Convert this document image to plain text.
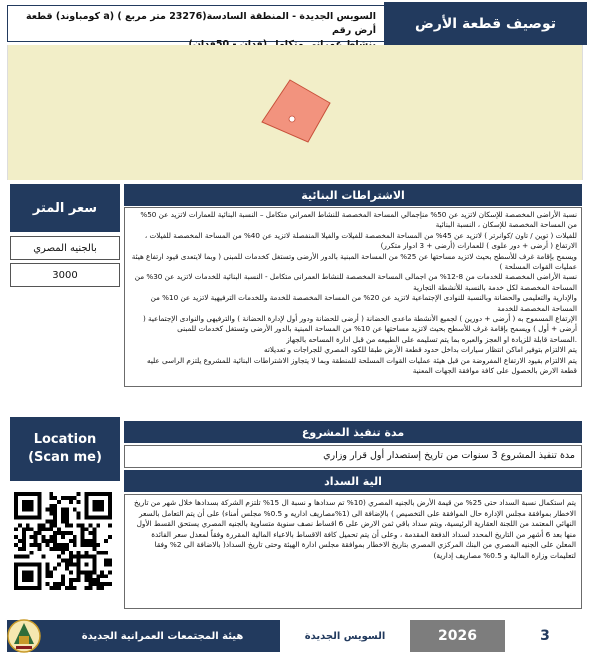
السويس الجديدة - المنطقة السادسة(23276 متر مربع ) (a كومباوند) قطعة أرض رقم	توصيف قطعة الأرض
الاشتراطات البنائية

نسبة الأراضى المخصصة للإسكان لاتزيد عن 50% منإجمالي المساحة المخصصة للنشاط العمراني متكامل – النسبة البنائية للعمارات لاتزيد عن 50% من المساحة المخصصة للإسكان ، النسبة البنائية

للفيلات ( توين / تاون /كوانرتر ) لاتزيد عن 45% من المساحة المخصصة للفيلات والفيلا المنفصلة لاتزيد عن 40% من المساحة المخصصة للفيلات ، الارتفاع ( أرضى + دور علوى ) للعمارات (أرضى + 3 ادوار متكرر)

ويسمح بإقامة غرف للأسطح بحيث لاتزيد مساحتها عن 25% من المساحة المبنية بالدور الأرضى وتستغل كخدمات للمبنى ( وبما لايتعدى قيود ارتفاع هيئة عمليات القوات المسلحة )

نسبة الأراضى المخصصة للخدمات من 8-12% من اجمالى المساحة المخصصة للنشاط العمرانى متكامل - النسبة البنائية للخدمات لاتزيد عن 30% من المساحة المخصصة لكل خدمة بالنسبة للأنشطة التجارية

والإدارية والتعليمى والحضانة وبالنسبة للنوادى الإجتماعية لاتزيد عن 20% من المساحة المخصصة للخدمة وللخدمات الترفيهية لاتزيد عن 10% من المساحة المخصصة للخدمة

الإرتفاع المسموح به ( أرضى + دورين ) لجميع الأنشطة ماعدى الحضانة ( أرضى للحضانة ودور أول لإدارة الحضانة ) والترفيهى والنوادى الإجتماعية ( أرضى + أول ) ويسمح بإقامة غرف للأسطح بحيث لاتزيد مساحتها عن 10% من المساحة المبنية بالدور الأرضى وتستغل كخدمات للمبنى

.المساحة قابلة للزيادة او العجز والعبره بما يتم تسليمه على الطبيعه من قبل ادارة المساحه بالجهاز

يتم الالتزام بتوفير اماكن انتظار سيارات بداخل حدود قطعة الأرض طبقا للكود المصري للجراجات و تعديلاته

يتم الالتزام بقيود الارتفاع المفروضة من قبل هيئة عمليات القوات المسلحة للمنطقة وبما لا يتجاوز الاشتراطات البنائية للمشروع يلتزم الراسى عليه قطعة الارض بالحصول على كافة موافقة الجهات المعنية

سعر المتر
بالجنيه المصري
3000
Location
(Scan me)
مدة تنفيذ المشروع
مدة تنفيذ المشروع 3 سنوات من تاريخ إستصدار أول قرار وزاري
الية السداد
يتم استكمال نسبة السداد حتى 25% من قيمة الأرض بالجنيه المصري (10% تم سدادها و نسبة ال 15% تلتزم الشركة بسدادها خلال شهر من تاريخ الاخطار بموافقة مجلس الإدارة حال الموافقة على التخصيص ) بالإضافة الى (1%مصاريف اداريه و 0.5% مجلس أمناء) على أن يتم التعامل بالسعر النهائي المعتمد من اللجنة العقارية الرئيسية، ويتم سداد باقي ثمن الارض على 6 اقساط نصف سنوية متساوية بالجنيه المصري يستحق القسط الأول منها بعد 6 أشهر من التاريخ المحدد لسداد الدفعة المقدمة ، وعلى أن يتم تحميل كافة الاقساط بالاعباء المالية المقررة وفقاً لمعدل سعر الفائدة المعلن على الجنيه المصري من البنك المركزي المصري بتاريخ الاخطار بموافقة مجلس ادارة الهيئة وحتى تاريخ السداد( بالاضافة الى 2% وفقا لتعليمات وزارة المالية و 0.5% مصاريف إدارية)
هيئة المجتمعات العمرانية الجديدة	السويس الجديدة	2026	3
